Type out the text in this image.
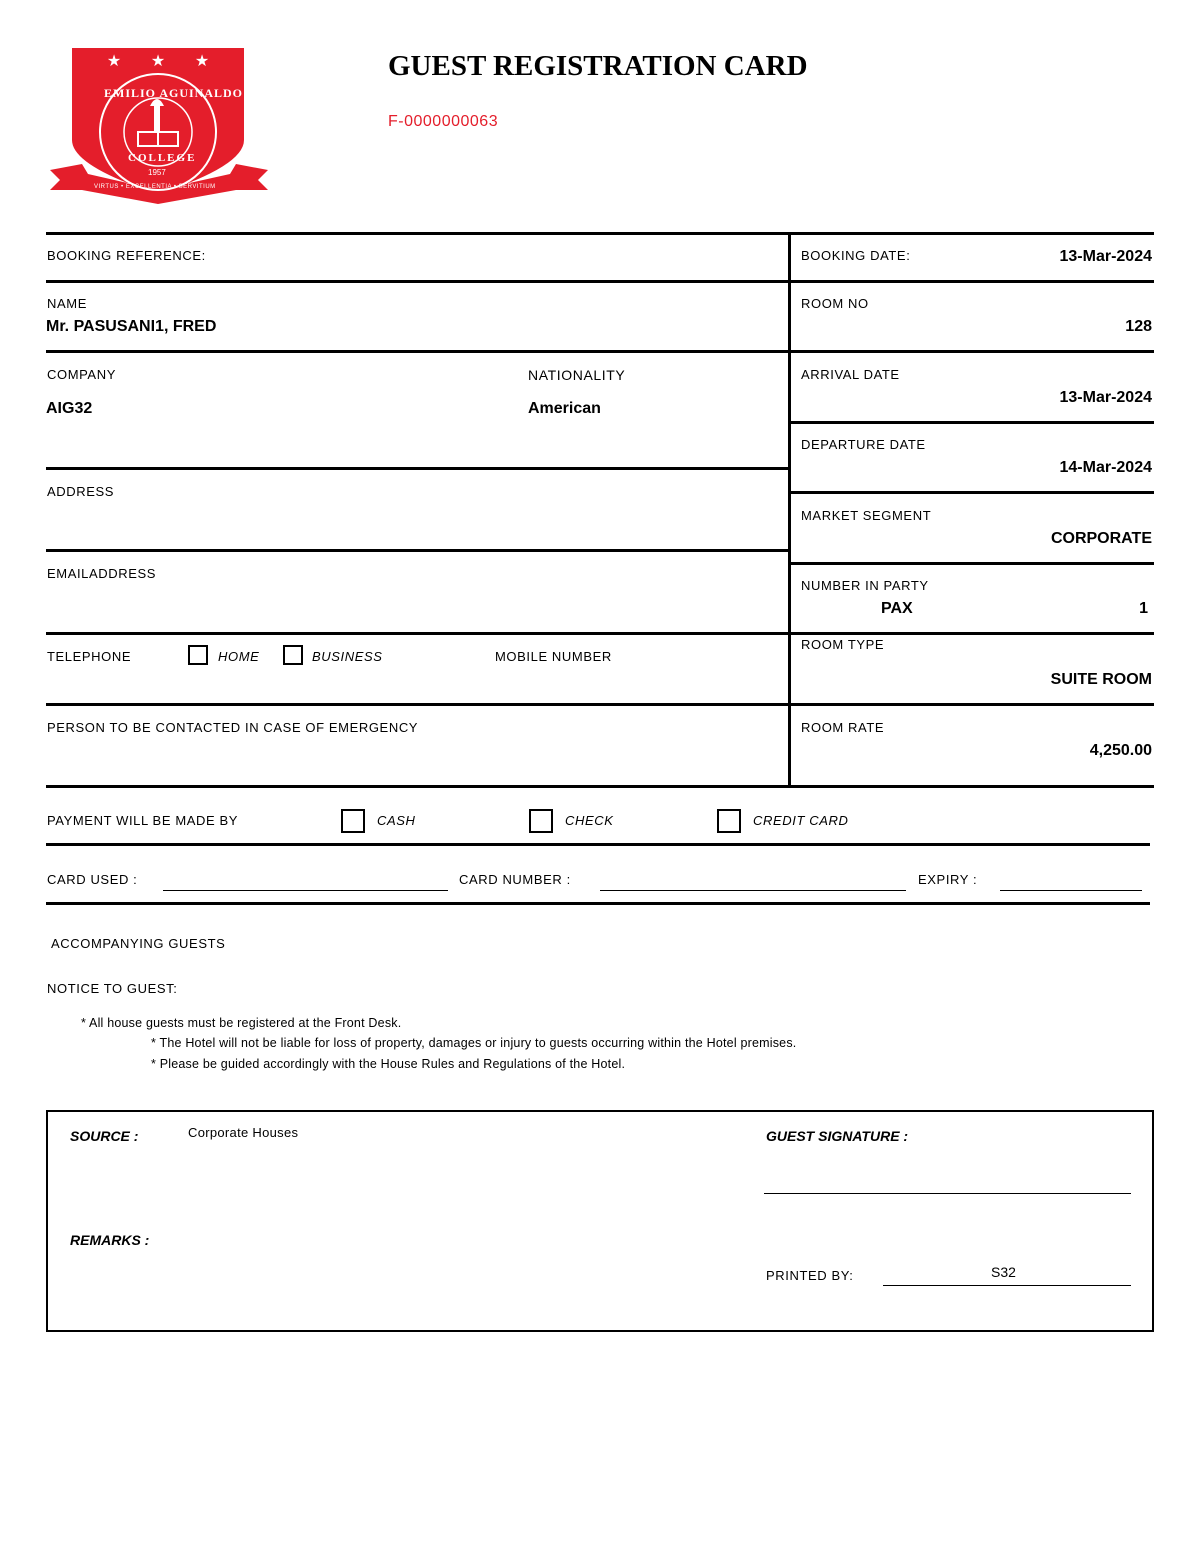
★ ★ ★
EMILIO AGUINALDO
COLLEGE
1957
VIRTUS • EXCELLENTIA • SERVITIUM
GUEST REGISTRATION CARD
F-0000000063
BOOKING REFERENCE:
NAME
Mr. PASUSANI1, FRED
COMPANY
AIG32
NATIONALITY
American
ADDRESS
EMAILADDRESS
TELEPHONE	HOME	BUSINESS	MOBILE NUMBER
PERSON TO BE CONTACTED IN CASE OF EMERGENCY
BOOKING DATE:	13-Mar-2024
ROOM NO
128
ARRIVAL DATE
13-Mar-2024
DEPARTURE DATE
14-Mar-2024
MARKET SEGMENT
CORPORATE
NUMBER IN PARTY
PAX	1
ROOM TYPE
SUITE ROOM
ROOM RATE
4,250.00
PAYMENT WILL BE MADE BY	CASH	CHECK	CREDIT CARD
CARD USED :	CARD NUMBER :	EXPIRY :
ACCOMPANYING GUESTS
NOTICE TO GUEST:
* All house guests must be registered at the Front Desk.
* The Hotel will not be liable for loss of property, damages or injury to guests occurring within the Hotel premises.
* Please be guided accordingly with the House Rules and Regulations of the Hotel.
SOURCE :	Corporate Houses	GUEST SIGNATURE :
REMARKS :
PRINTED BY:	S32
